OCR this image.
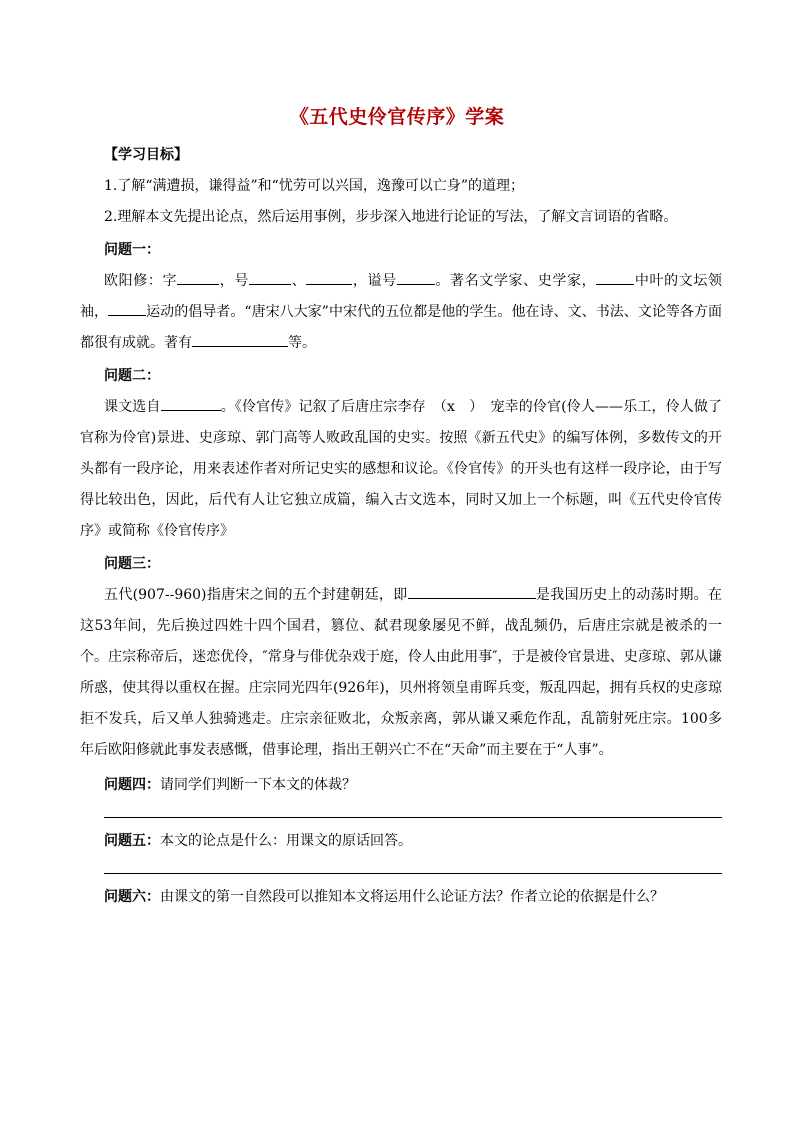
《五代史伶官传序》学案

【学习目标】

1.了解“满遭损，谦得益”和“忧劳可以兴国，逸豫可以亡身”的道理；

2.理解本文先提出论点，然后运用事例，步步深入地进行论证的写法，了解文言词语的省略。

问题一：

欧阳修：字	，号	、	，谥号	。著名文学家、史学家，	中叶的文坛领袖，	运动的倡导者。“唐宋八大家”中宋代的五位都是他的学生。他在诗、文、书法、文论等各方面都很有成就。著有	等。

问题二：

课文选自	。《伶官传》记叙了后唐庄宗李存　（x　）　宠幸的伶官(伶人——乐工，伶人做了官称为伶官)景进、史彦琼、郭门高等人败政乱国的史实。按照《新五代史》的编写体例，多数传文的开头都有一段序论，用来表述作者对所记史实的感想和议论。《伶官传》的开头也有这样一段序论，由于写得比较出色，因此，后代有人让它独立成篇，编入古文选本，同时又加上一个标题，叫《五代史伶官传序》或简称《伶官传序》

问题三：

五代(907--960)指唐宋之间的五个封建朝廷，即	是我国历史上的动荡时期。在这53年间，先后换过四姓十四个国君，篡位、弑君现象屡见不鲜，战乱频仍，后唐庄宗就是被杀的一个。庄宗称帝后，迷恋优伶，″常身与俳优杂戏于庭，伶人由此用事″，于是被伶官景进、史彦琼、郭从谦所惑，使其得以重权在握。庄宗同光四年(926年)，贝州将领皇甫晖兵变，叛乱四起，拥有兵权的史彦琼拒不发兵，后又单人独骑逃走。庄宗亲征败北，众叛亲离，郭从谦又乘危作乱，乱箭射死庄宗。100多年后欧阳修就此事发表感慨，借事论理，指出王朝兴亡不在“天命”而主要在于“人事”。

问题四：请同学们判断一下本文的体裁？

问题五：本文的论点是什么：用课文的原话回答。

问题六：由课文的第一自然段可以推知本文将运用什么论证方法？作者立论的依据是什么？
